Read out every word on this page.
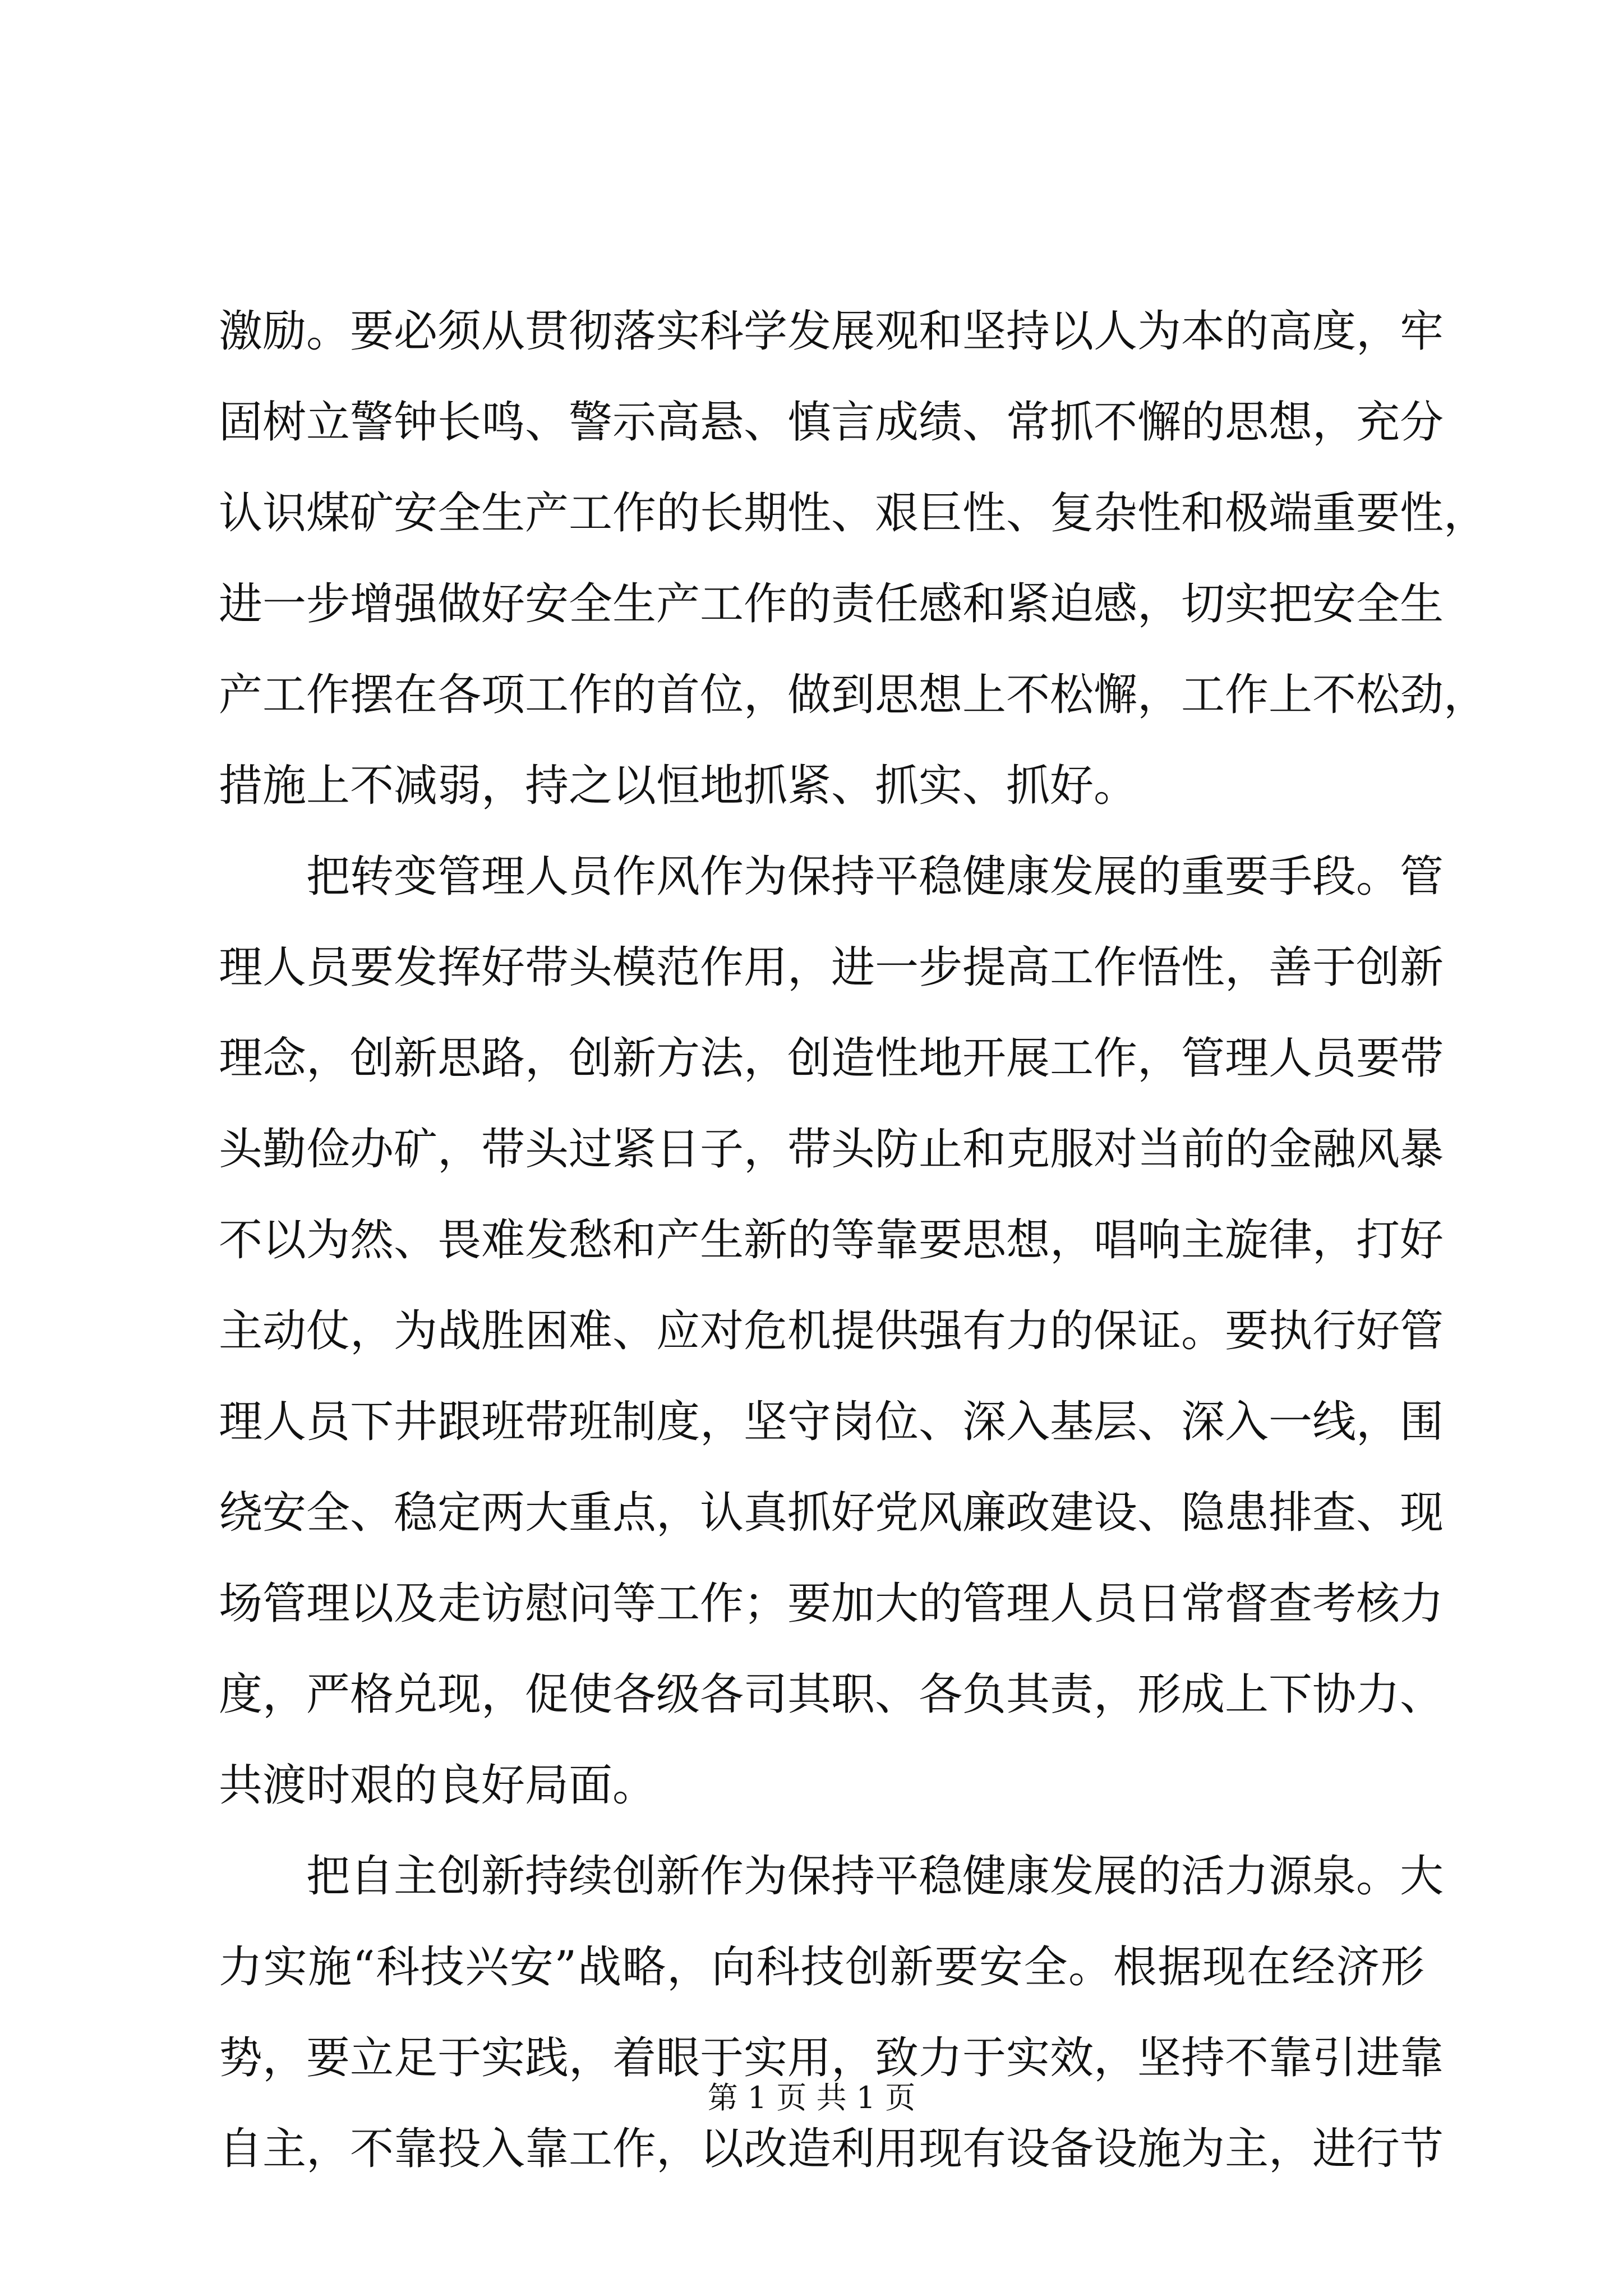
激励。要必须从贯彻落实科学发展观和坚持以人为本的高度，牢
固树立警钟长鸣、警示高悬、慎言成绩、常抓不懈的思想，充分
认识煤矿安全生产工作的长期性、艰巨性、复杂性和极端重要性，
进一步增强做好安全生产工作的责任感和紧迫感，切实把安全生
产工作摆在各项工作的首位，做到思想上不松懈，工作上不松劲，
措施上不减弱，持之以恒地抓紧、抓实、抓好。
把转变管理人员作风作为保持平稳健康发展的重要手段。管
理人员要发挥好带头模范作用，进一步提高工作悟性，善于创新
理念，创新思路，创新方法，创造性地开展工作，管理人员要带
头勤俭办矿，带头过紧日子，带头防止和克服对当前的金融风暴
不以为然、畏难发愁和产生新的等靠要思想，唱响主旋律，打好
主动仗，为战胜困难、应对危机提供强有力的保证。要执行好管
理人员下井跟班带班制度，坚守岗位、深入基层、深入一线，围
绕安全、稳定两大重点，认真抓好党风廉政建设、隐患排查、现
场管理以及走访慰问等工作；要加大的管理人员日常督查考核力
度，严格兑现，促使各级各司其职、各负其责，形成上下协力、
共渡时艰的良好局面。
把自主创新持续创新作为保持平稳健康发展的活力源泉。大
力实施“科技兴安”战略，向科技创新要安全。根据现在经济形
势，要立足于实践，着眼于实用，致力于实效，坚持不靠引进靠
自主，不靠投入靠工作，以改造利用现有设备设施为主，进行节
第 1 页 共 1 页
